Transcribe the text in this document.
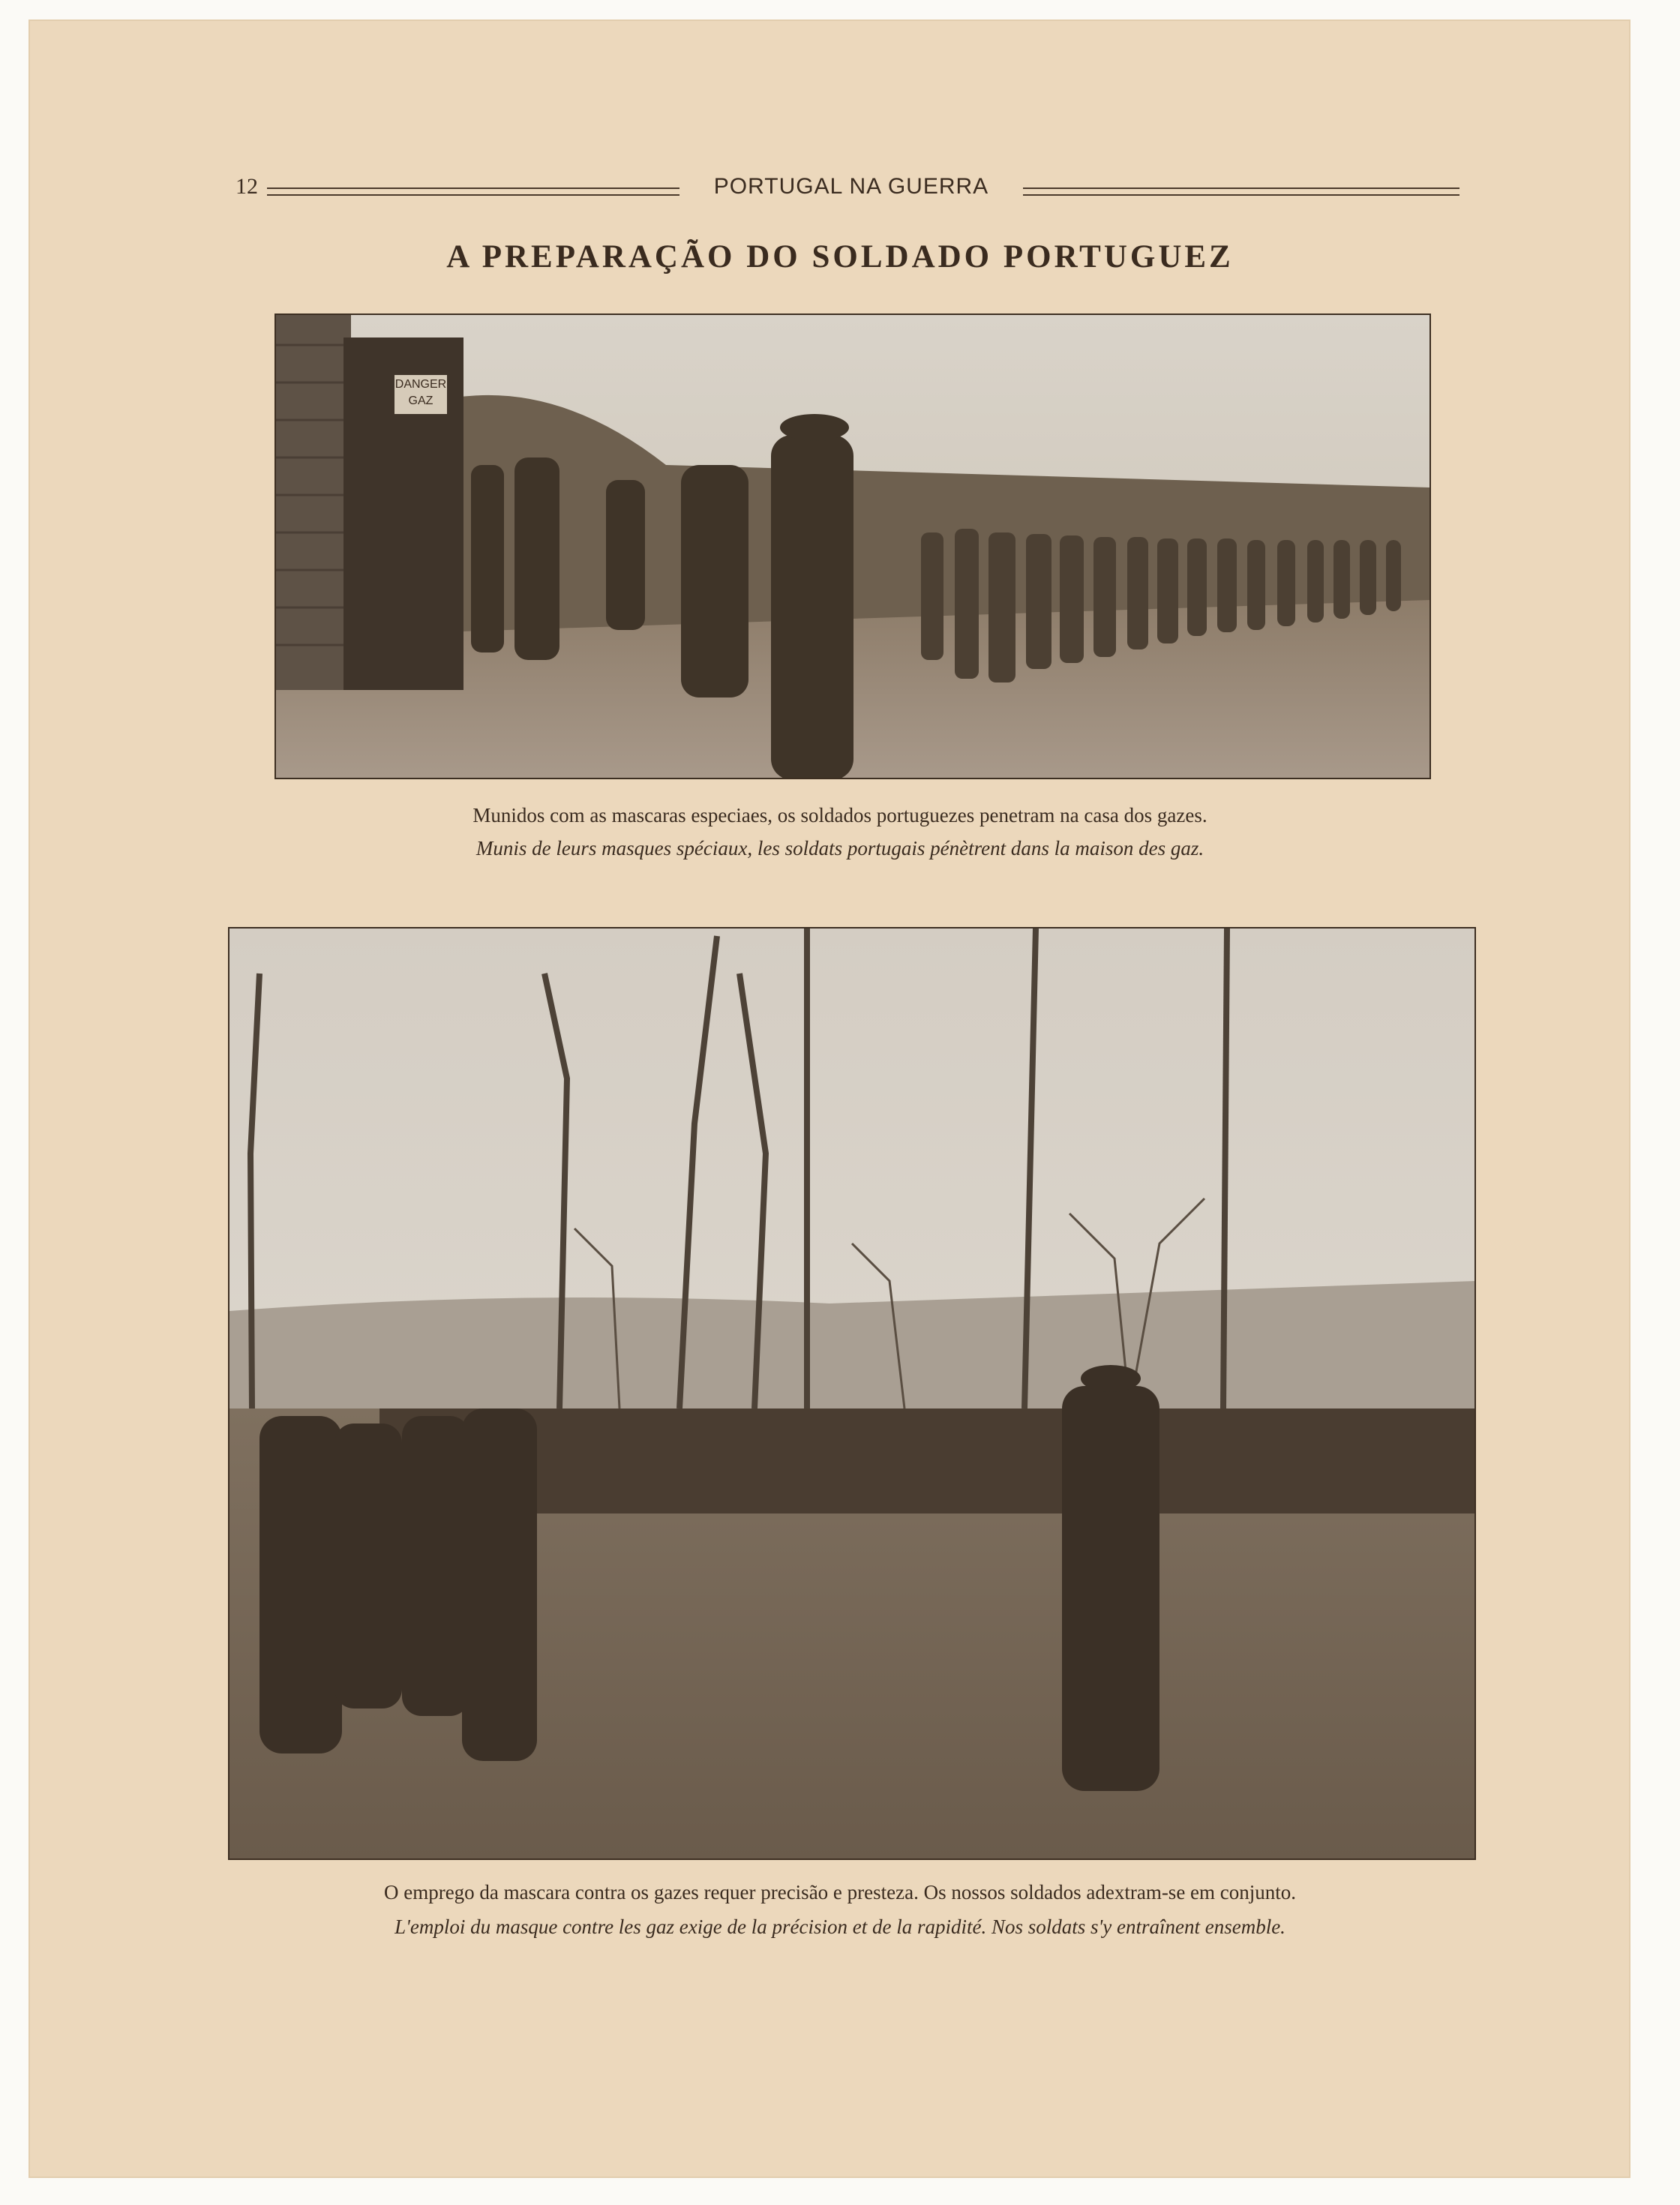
12	PORTUGAL NA GUERRA
A PREPARAÇÃO DO SOLDADO PORTUGUEZ
DANGER GAZ
Munidos com as mascaras especiaes, os soldados portuguezes penetram na casa dos gazes.
Munis de leurs masques spéciaux, les soldats portugais pénètrent dans la maison des gaz.
O emprego da mascara contra os gazes requer precisão e presteza. Os nossos soldados adextram-se em conjunto.
L'emploi du masque contre les gaz exige de la précision et de la rapidité. Nos soldats s'y entraînent ensemble.
